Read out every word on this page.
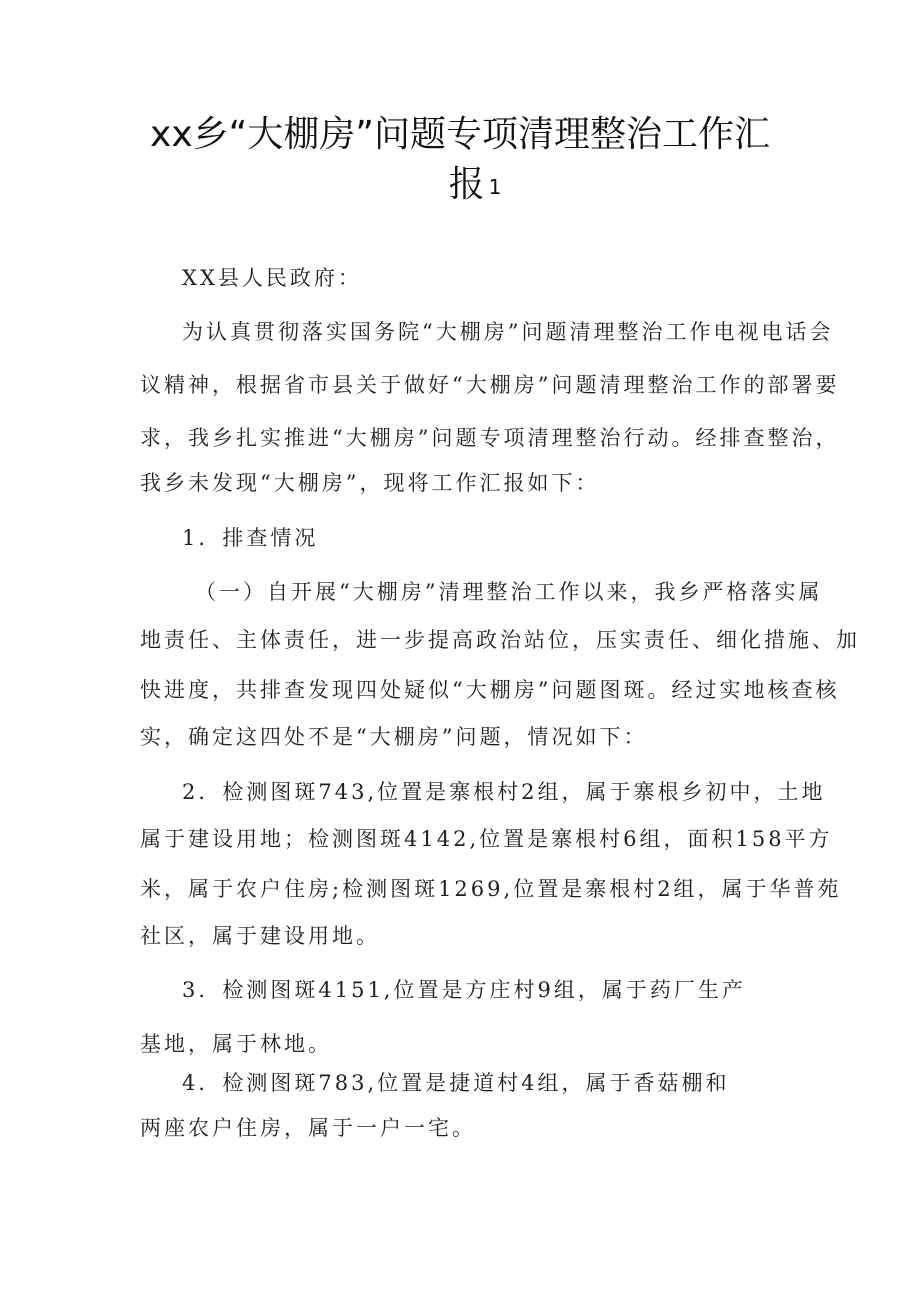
xx乡“大棚房”问题专项清理整治工作汇
报 $^1$

XX县人民政府：

为认真贯彻落实国务院“大棚房”问题清理整治工作电视电话会

议精神，根据省市县关于做好“大棚房”问题清理整治工作的部署要

求，我乡扎实推进“大棚房”问题专项清理整治行动。经排查整治，

我乡未发现“大棚房”，现将工作汇报如下：

1．排查情况

（一）自开展“大棚房”清理整治工作以来，我乡严格落实属

地责任、主体责任，进一步提高政治站位，压实责任、细化措施、加

快进度，共排查发现四处疑似“大棚房”问题图斑。经过实地核查核

实，确定这四处不是“大棚房”问题，情况如下：

2．检测图斑743,位置是寨根村2组，属于寨根乡初中，土地

属于建设用地；检测图斑4142,位置是寨根村6组，面积158平方

米，属于农户住房;检测图斑1269,位置是寨根村2组，属于华普苑

社区，属于建设用地。

3．检测图斑4151,位置是方庄村9组，属于药厂生产

基地，属于林地。

4．检测图斑783,位置是捷道村4组，属于香菇棚和

两座农户住房，属于一户一宅。
